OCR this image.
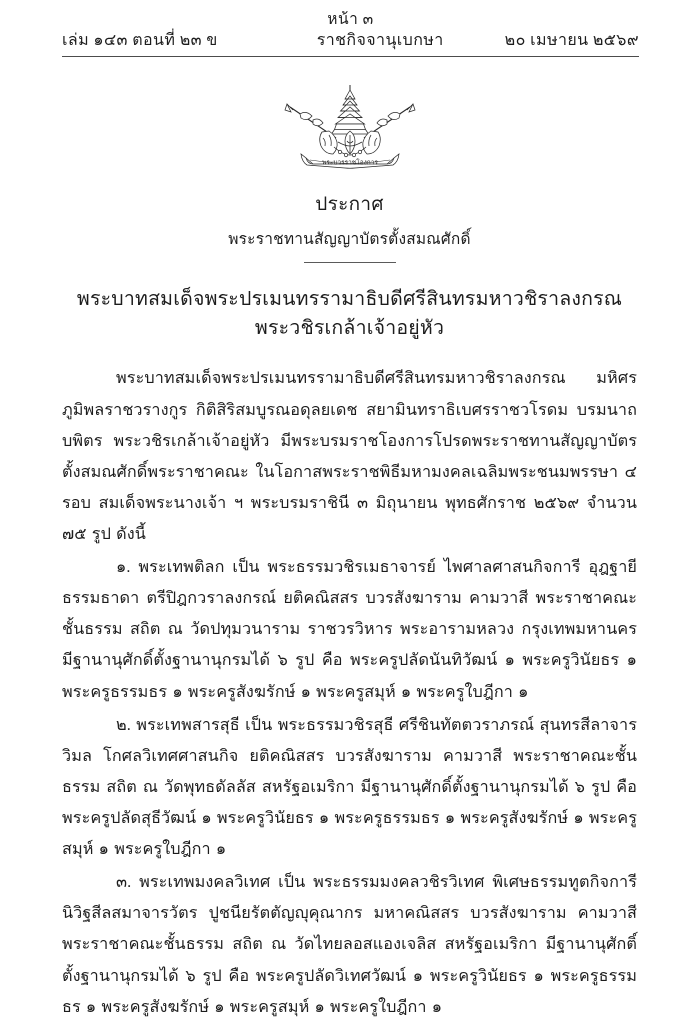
หน้า ๓
เล่ม ๑๔๓ ตอนที่ ๒๓ ข	ราชกิจจานุเบกษา	๒๐ เมษายน ๒๕๖๙
พระบวรราชโองการ
ประกาศ
พระราชทานสัญญาบัตรตั้งสมณศักดิ์
พระบาทสมเด็จพระปรเมนทรรามาธิบดีศรีสินทรมหาวชิราลงกรณ
พระวชิรเกล้าเจ้าอยู่หัว

พระบาทสมเด็จพระปรเมนทรรามาธิบดีศรีสินทรมหาวชิราลงกรณ มหิศรภูมิพลราชวรางกูร กิติสิริสมบูรณอดุลยเดช สยามินทราธิเบศรราชวโรดม บรมนาถบพิตร พระวชิรเกล้าเจ้าอยู่หัว มีพระบรมราชโองการโปรดพระราชทานสัญญาบัตรตั้งสมณศักดิ์พระราชาคณะ ในโอกาสพระราชพิธีมหามงคลเฉลิมพระชนมพรรษา ๔ รอบ สมเด็จพระนางเจ้า ฯ พระบรมราชินี ๓ มิถุนายน พุทธศักราช ๒๕๖๙ จำนวน ๗๕ รูป ดังนี้

๑. พระเทพติลก เป็น พระธรรมวชิรเมธาจารย์ ไพศาลศาสนกิจการี อุฎฐายีธรรมธาดา ตรีปิฎกวราลงกรณ์ ยติคณิสสร บวรสังฆาราม คามวาสี พระราชาคณะชั้นธรรม สถิต ณ วัดปทุมวนาราม ราชวรวิหาร พระอารามหลวง กรุงเทพมหานคร มีฐานานุศักดิ์ตั้งฐานานุกรมได้ ๖ รูป คือ พระครูปลัดนันทิวัฒน์ ๑ พระครูวินัยธร ๑ พระครูธรรมธร ๑ พระครูสังฆรักษ์ ๑ พระครูสมุห์ ๑ พระครูใบฎีกา ๑

๒. พระเทพสารสุธี เป็น พระธรรมวชิรสุธี ศรีชินทัตตวราภรณ์ สุนทรสีลาจารวิมล โกศลวิเทศศาสนกิจ ยติคณิสสร บวรสังฆาราม คามวาสี พระราชาคณะชั้นธรรม สถิต ณ วัดพุทธดัลลัส สหรัฐอเมริกา มีฐานานุศักดิ์ตั้งฐานานุกรมได้ ๖ รูป คือ พระครูปลัดสุธีวัฒน์ ๑ พระครูวินัยธร ๑ พระครูธรรมธร ๑ พระครูสังฆรักษ์ ๑ พระครูสมุห์ ๑ พระครูใบฎีกา ๑

๓. พระเทพมงคลวิเทศ เป็น พระธรรมมงคลวชิรวิเทศ พิเศษธรรมทูตกิจการี นิวิฐสีลสมาจารวัตร ปูชนียรัตตัญญุคุณากร มหาคณิสสร บวรสังฆาราม คามวาสี พระราชาคณะชั้นธรรม สถิต ณ วัดไทยลอสแองเจลิส สหรัฐอเมริกา มีฐานานุศักติ์ตั้งฐานานุกรมได้ ๖ รูป คือ พระครูปลัดวิเทศวัฒน์ ๑ พระครูวินัยธร ๑ พระครูธรรมธร ๑ พระครูสังฆรักษ์ ๑ พระครูสมุห์ ๑ พระครูใบฎีกา ๑
